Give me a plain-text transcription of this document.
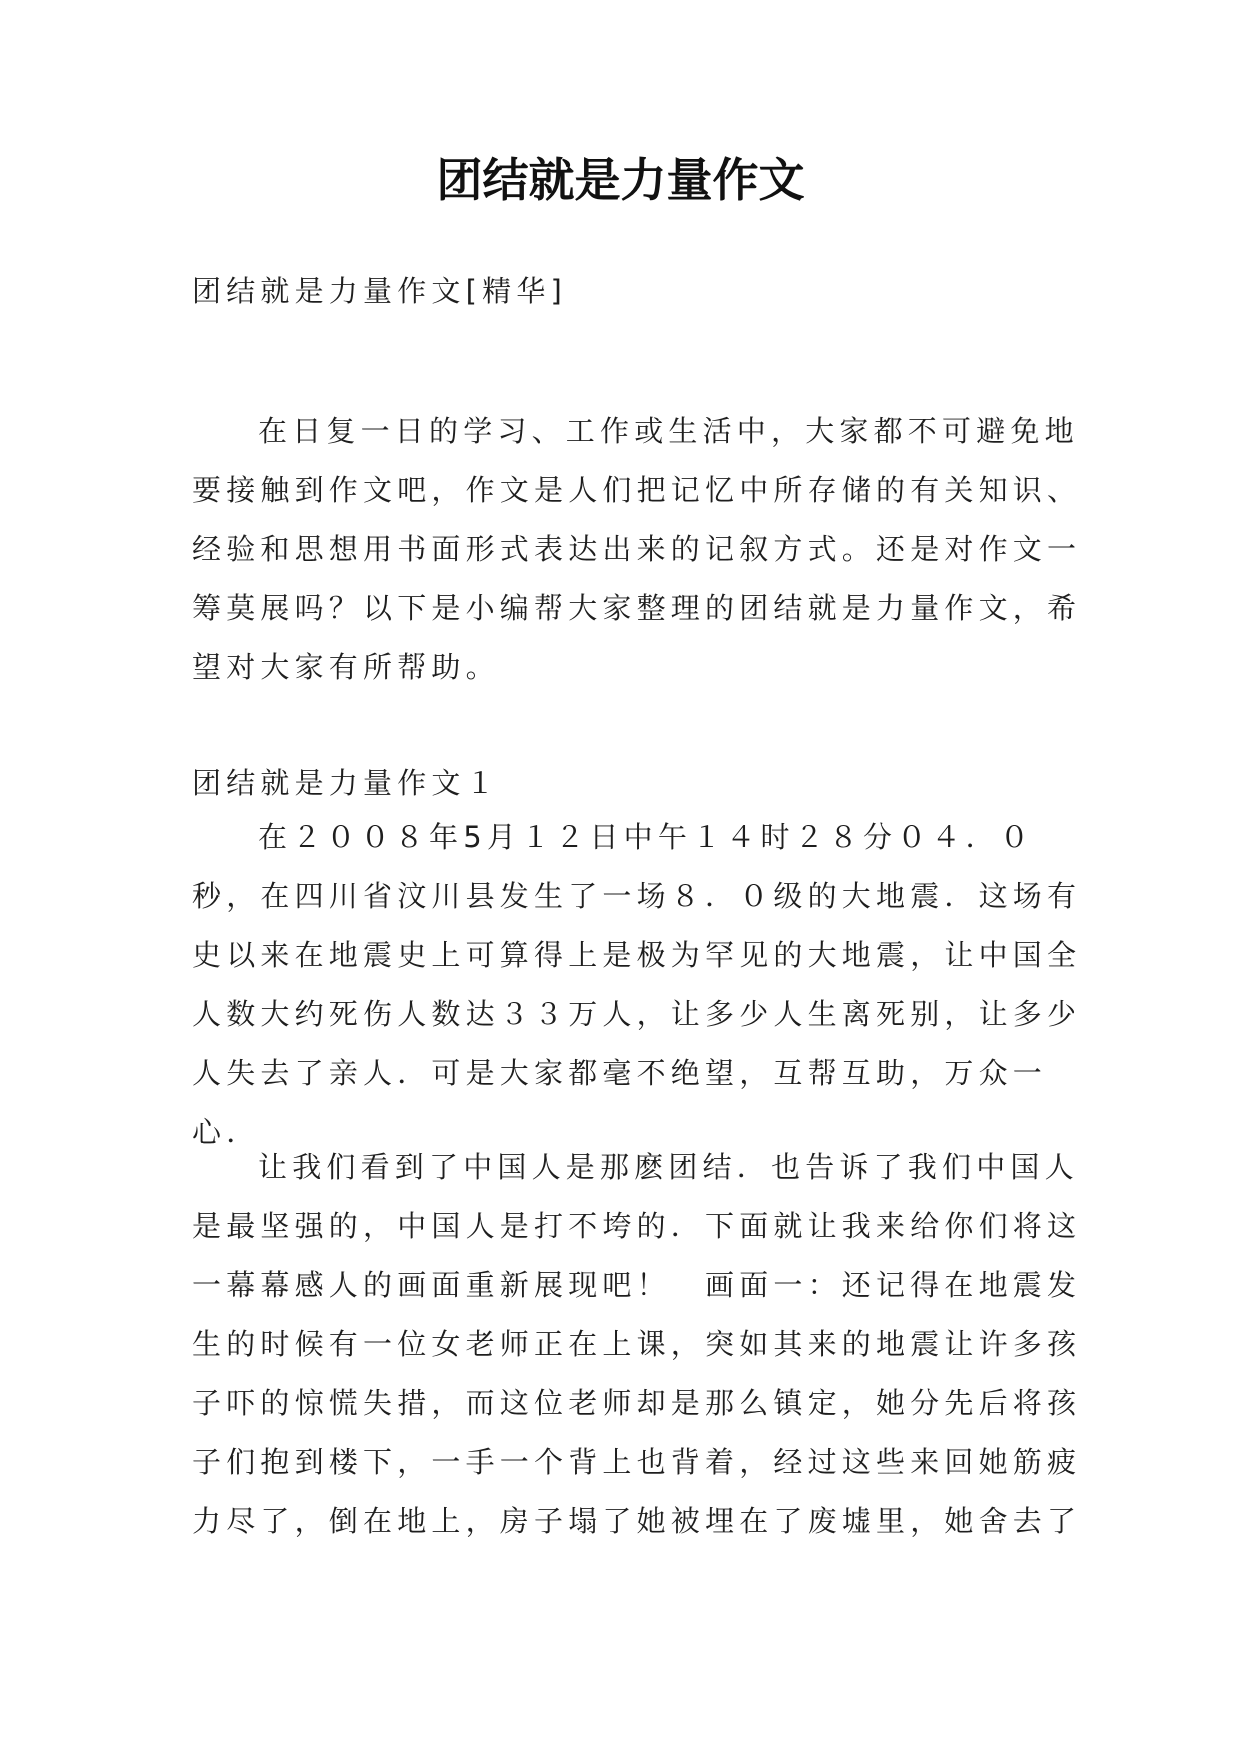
团结就是力量作文
团结就是力量作文[精华]
在日复一日的学习、工作或生活中，大家都不可避免地
要接触到作文吧，作文是人们把记忆中所存储的有关知识、
经验和思想用书面形式表达出来的记叙方式。还是对作文一
筹莫展吗？以下是小编帮大家整理的团结就是力量作文，希
望对大家有所帮助。
团结就是力量作文１
在２００８年5月１２日中午１４时２８分０４．０
秒，在四川省汶川县发生了一场８．０级的大地震．这场有
史以来在地震史上可算得上是极为罕见的大地震，让中国全
人数大约死伤人数达３３万人，让多少人生离死别，让多少
人失去了亲人．可是大家都毫不绝望，互帮互助，万众一
心．
让我们看到了中国人是那麽团结．也告诉了我们中国人
是最坚强的，中国人是打不垮的．下面就让我来给你们将这
一幕幕感人的画面重新展现吧！　画面一：还记得在地震发
生的时候有一位女老师正在上课，突如其来的地震让许多孩
子吓的惊慌失措，而这位老师却是那么镇定，她分先后将孩
子们抱到楼下，一手一个背上也背着，经过这些来回她筋疲
力尽了，倒在地上，房子塌了她被埋在了废墟里，她舍去了
